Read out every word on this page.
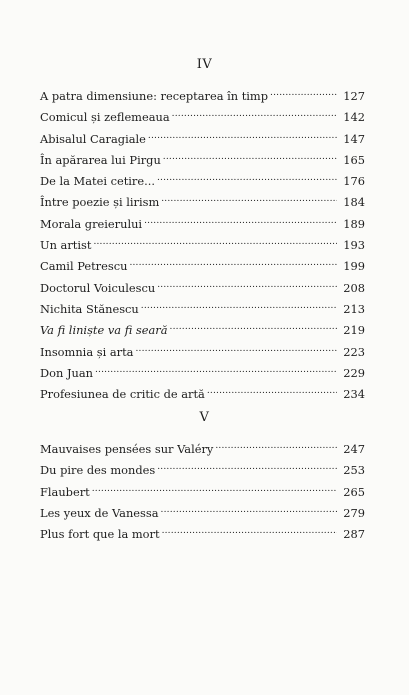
IV
A patra dimensiune: receptarea în timp .....	127
Comicul și zeflemeaua .....	142
Abisalul Caragiale .....	147
În apărarea lui Pirgu .....	165
De la Matei cetire... .....	176
Între poezie și lirism .....	184
Morala greierului .....	189
Un artist .....	193
Camil Petrescu .....	199
Doctorul Voiculescu .....	208
Nichita Stănescu .....	213
Va fi liniște va fi seară .....	219
Insomnia și arta .....	223
Don Juan .....	229
Profesiunea de critic de artă .....	234
V
Mauvaises pensées sur Valéry .....	247
Du pire des mondes .....	253
Flaubert .....	265
Les yeux de Vanessa .....	279
Plus fort que la mort .....	287
